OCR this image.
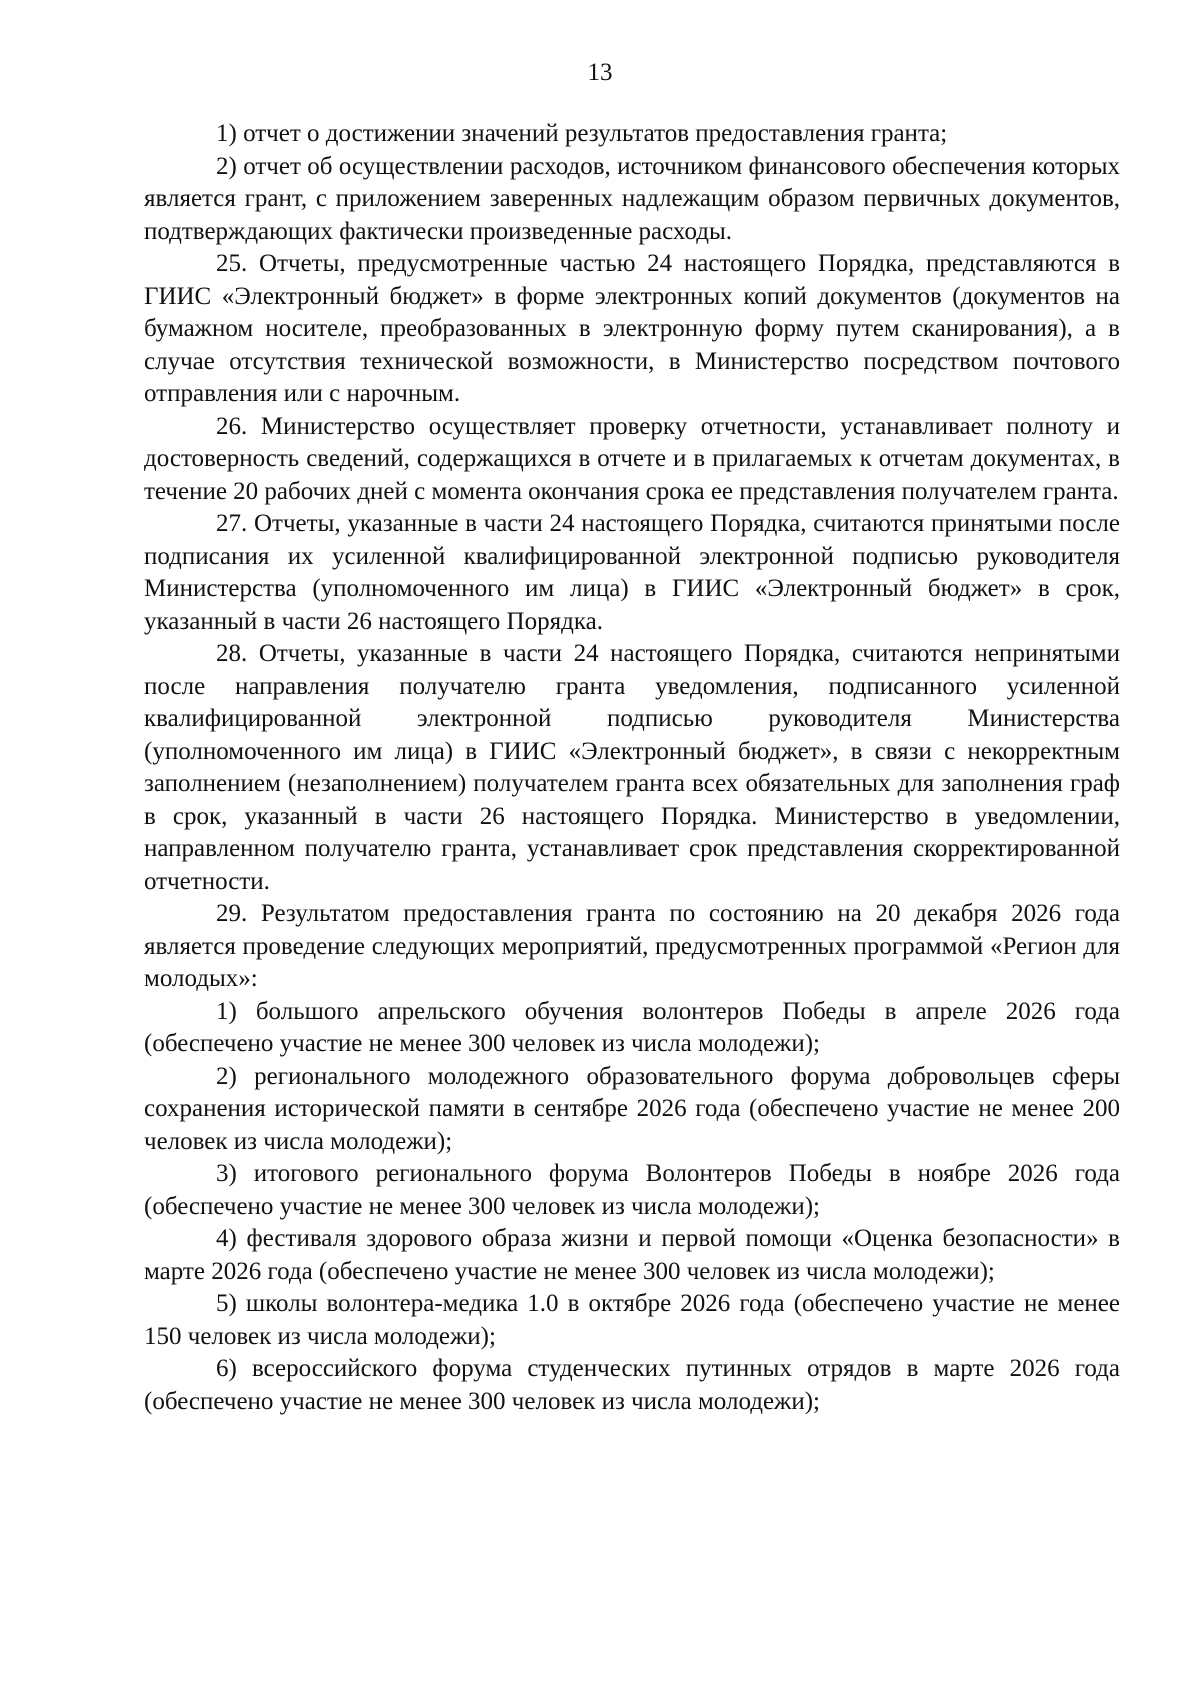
13

1) отчет о достижении значений результатов предоставления гранта;

2) отчет об осуществлении расходов, источником финансового обеспечения которых является грант, с приложением заверенных надлежащим образом первичных документов, подтверждающих фактически произведенные расходы.

25. Отчеты, предусмотренные частью 24 настоящего Порядка, представляются в ГИИС «Электронный бюджет» в форме электронных копий документов (документов на бумажном носителе, преобразованных в электронную форму путем сканирования), а в случае отсутствия технической возможности, в Министерство посредством почтового отправления или с нарочным.

26. Министерство осуществляет проверку отчетности, устанавливает полноту и достоверность сведений, содержащихся в отчете и в прилагаемых к отчетам документах, в течение 20 рабочих дней с момента окончания срока ее представления получателем гранта.

27. Отчеты, указанные в части 24 настоящего Порядка, считаются принятыми после подписания их усиленной квалифицированной электронной подписью руководителя Министерства (уполномоченного им лица) в ГИИС «Электронный бюджет» в срок, указанный в части 26 настоящего Порядка.

28. Отчеты, указанные в части 24 настоящего Порядка, считаются непринятыми после направления получателю гранта уведомления, подписанного усиленной квалифицированной электронной подписью руководителя Министерства (уполномоченного им лица) в ГИИС «Электронный бюджет», в связи с некорректным заполнением (незаполнением) получателем гранта всех обязательных для заполнения граф в срок, указанный в части 26 настоящего Порядка. Министерство в уведомлении, направленном получателю гранта, устанавливает срок представления скорректированной отчетности.

29. Результатом предоставления гранта по состоянию на 20 декабря 2026 года является проведение следующих мероприятий, предусмотренных программой «Регион для молодых»:

1) большого апрельского обучения волонтеров Победы в апреле 2026 года (обеспечено участие не менее 300 человек из числа молодежи);

2) регионального молодежного образовательного форума добровольцев сферы сохранения исторической памяти в сентябре 2026 года (обеспечено участие не менее 200 человек из числа молодежи);

3) итогового регионального форума Волонтеров Победы в ноябре 2026 года (обеспечено участие не менее 300 человек из числа молодежи);

4) фестиваля здорового образа жизни и первой помощи «Оценка безопасности» в марте 2026 года (обеспечено участие не менее 300 человек из числа молодежи);

5) школы волонтера-медика 1.0 в октябре 2026 года (обеспечено участие не менее 150 человек из числа молодежи);

6) всероссийского форума студенческих путинных отрядов в марте 2026 года (обеспечено участие не менее 300 человек из числа молодежи);
